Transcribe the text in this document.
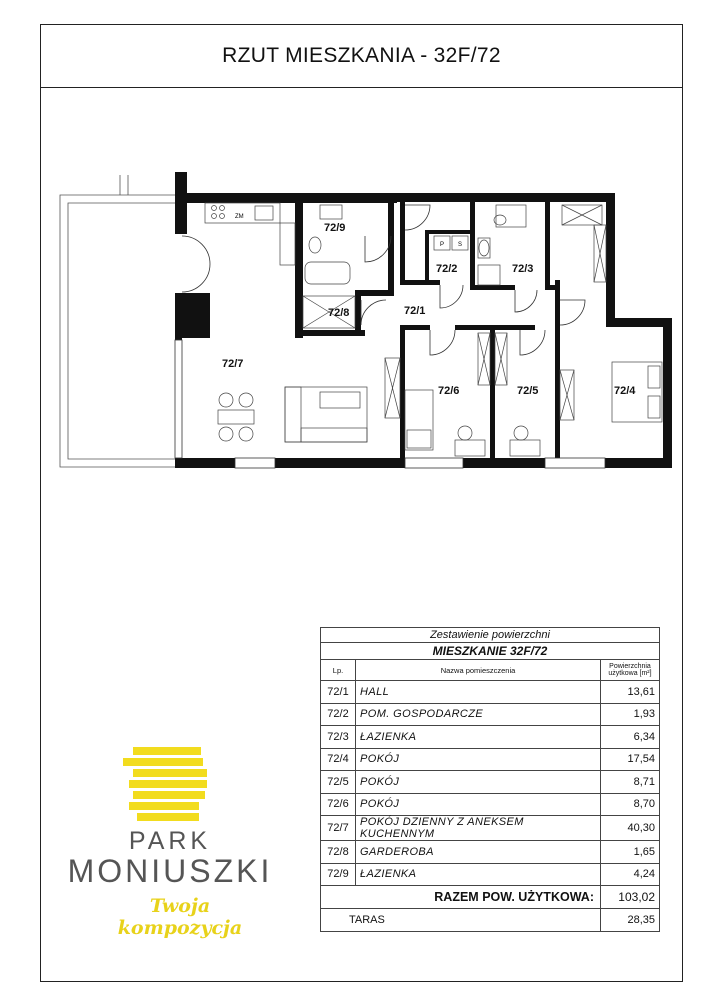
RZUT MIESZKANIA - 32F/72
ZM
P S
72/1
72/2	72/3
72/4
72/5
72/6
72/7
72/8
72/9
PARK
MONIUSZKI
Twoja kompozycja
Zestawienie powierzchni		
MIESZKANIE 32F/72		
Lp.	Nazwa pomieszczenia	Powierzchnia użytkowa [m²]
72/1	HALL	13,61
72/2	POM. GOSPODARCZE	1,93
72/3	ŁAZIENKA	6,34
72/4	POKÓJ	17,54
72/5	POKÓJ	8,71
72/6	POKÓJ	8,70
72/7	POKÓJ DZIENNY Z ANEKSEM KUCHENNYM	40,30
72/8	GARDEROBA	1,65
72/9	ŁAZIENKA	4,24
RAZEM POW. UŻYTKOWA:		103,02
TARAS		28,35
